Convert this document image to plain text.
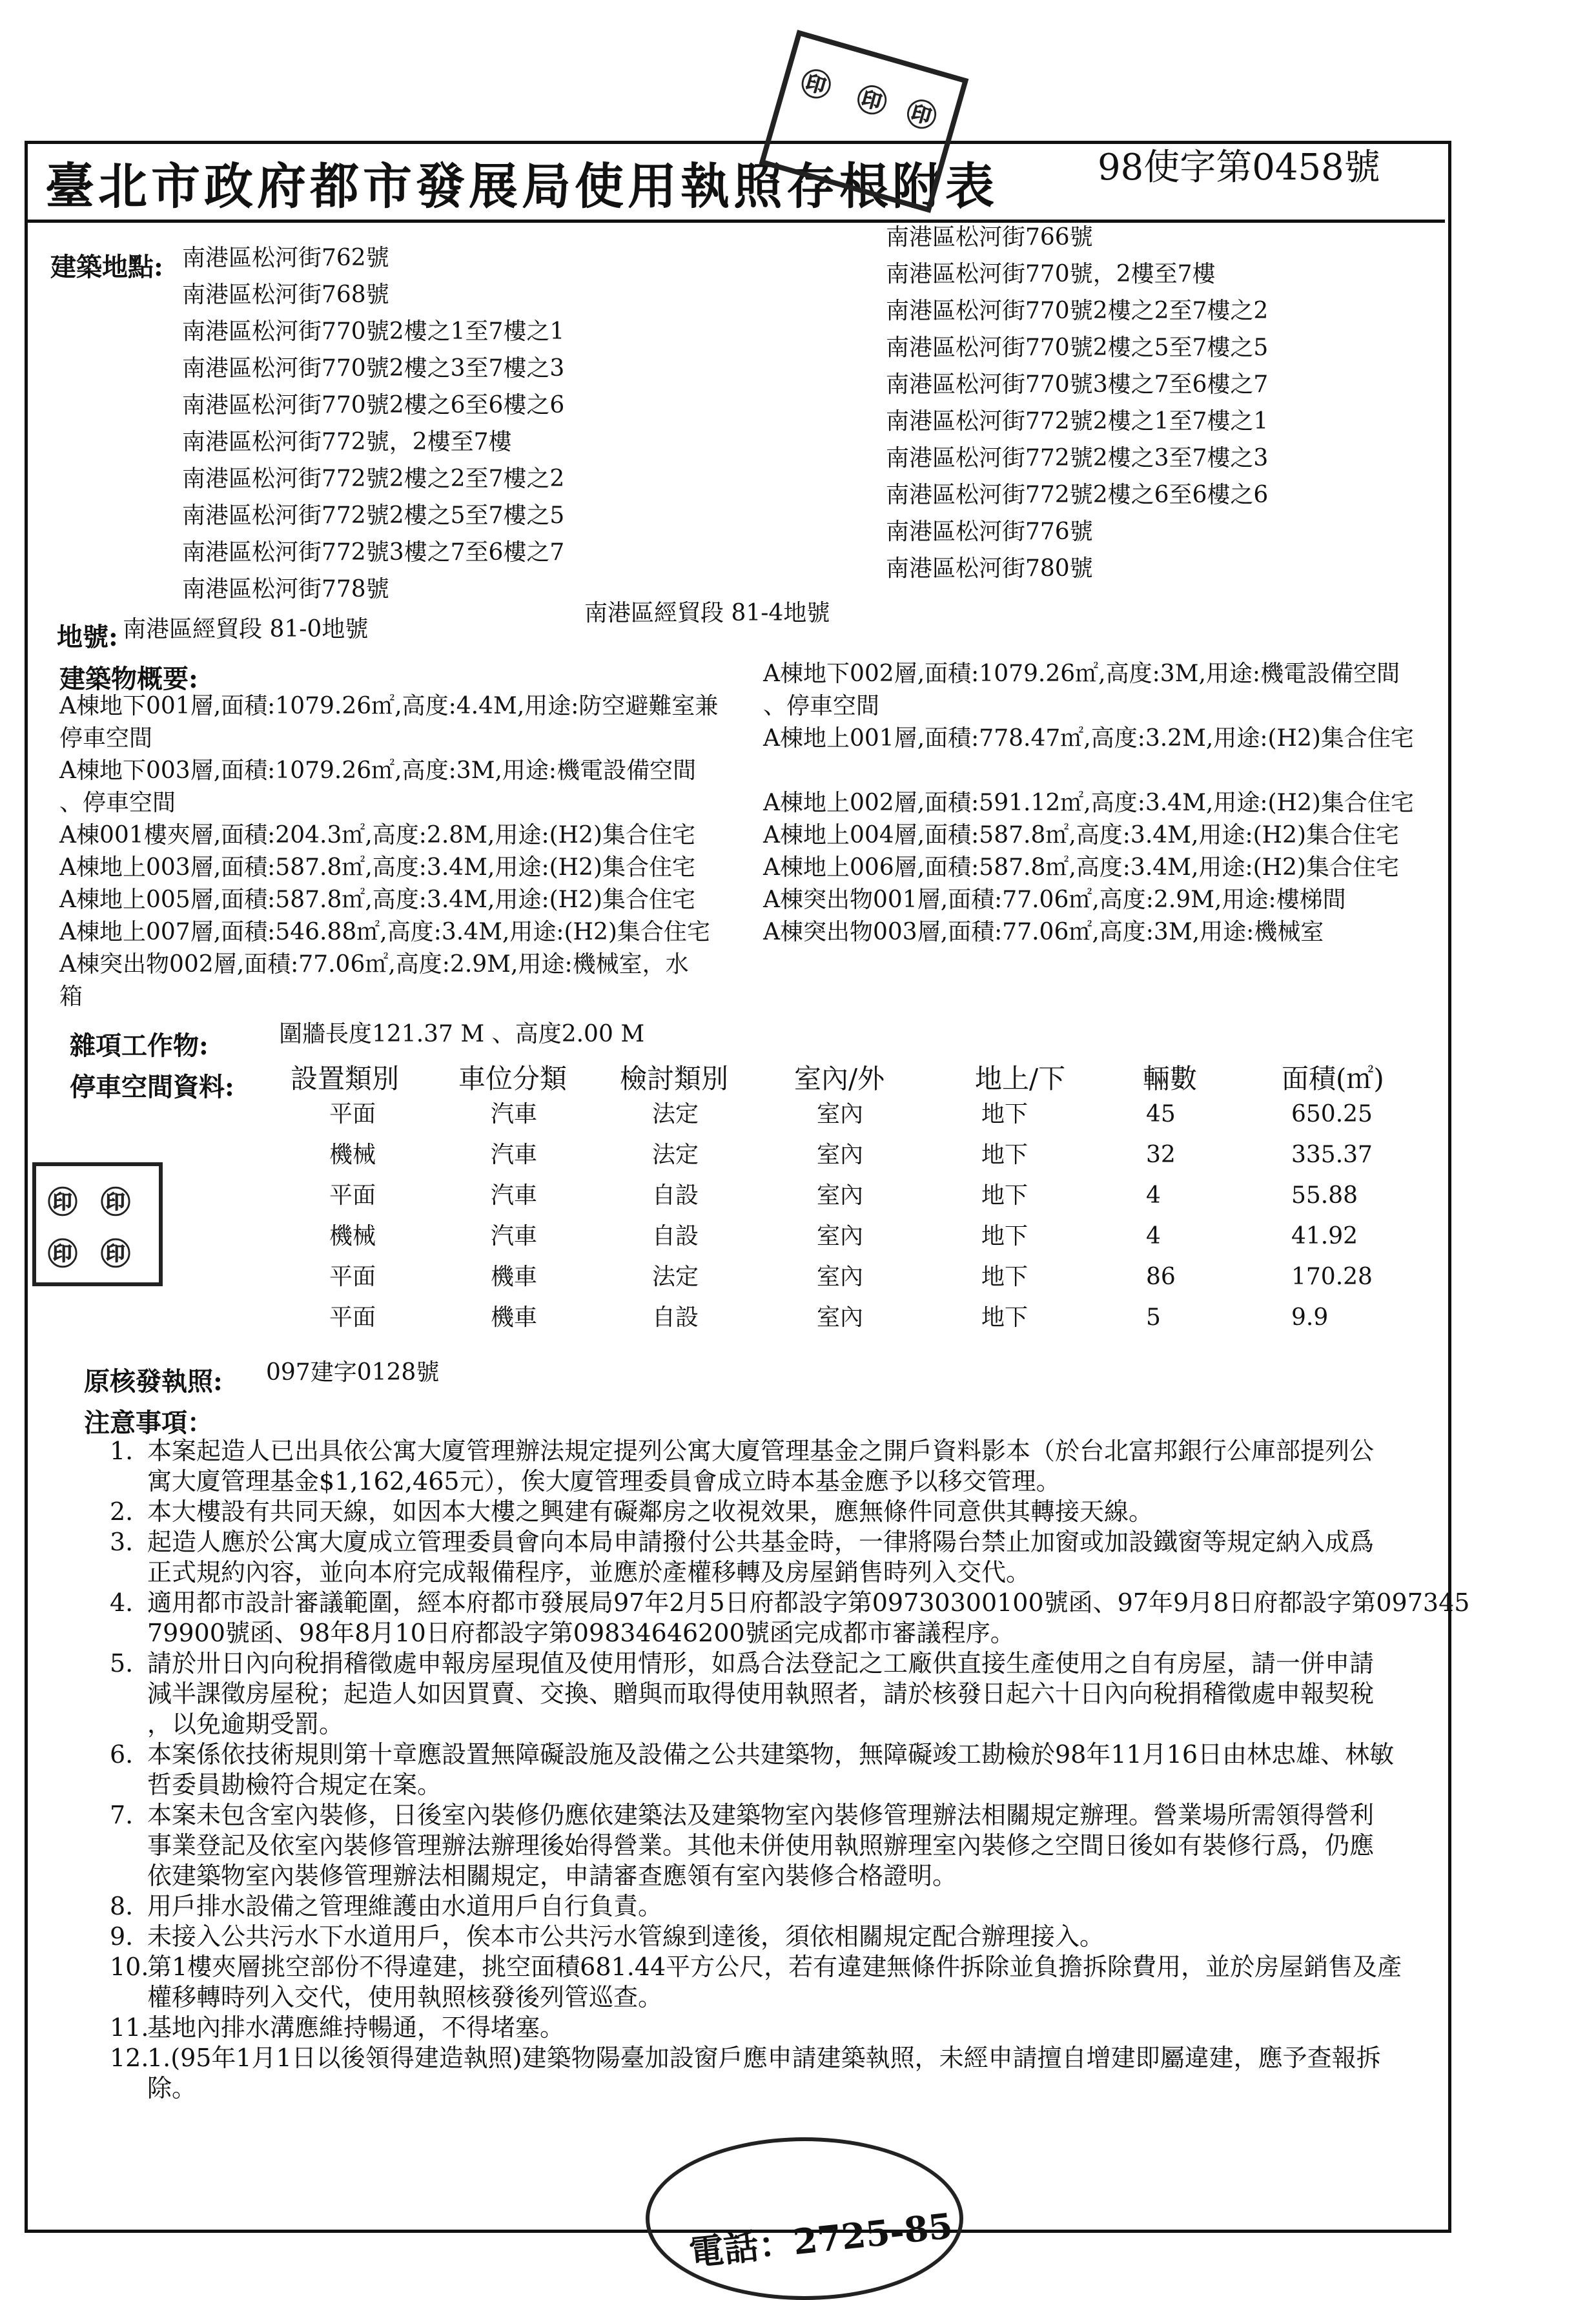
臺北市政府都市發展局使用執照存根附表	98使字第0458號
建築地點: 南港區松河街762號
南港區松河街768號
南港區松河街770號2樓之1至7樓之1
南港區松河街770號2樓之3至7樓之3
南港區松河街770號2樓之6至6樓之6
南港區松河街772號，2樓至7樓
南港區松河街772號2樓之2至7樓之2
南港區松河街772號2樓之5至7樓之5
南港區松河街772號3樓之7至6樓之7
南港區松河街778號
南港區松河街766號
南港區松河街770號，2樓至7樓
南港區松河街770號2樓之2至7樓之2
南港區松河街770號2樓之5至7樓之5
南港區松河街770號3樓之7至6樓之7
南港區松河街772號2樓之1至7樓之1
南港區松河街772號2樓之3至7樓之3
南港區松河街772號2樓之6至6樓之6
南港區松河街776號
南港區松河街780號
地號: 南港區經貿段 81-0地號
南港區經貿段 81-4地號
建築物概要:
A棟地下001層,面積:1079.26㎡,高度:4.4M,用途:防空避難室兼
停車空間
A棟地下003層,面積:1079.26㎡,高度:3M,用途:機電設備空間
、停車空間
A棟001樓夾層,面積:204.3㎡,高度:2.8M,用途:(H2)集合住宅
A棟地上003層,面積:587.8㎡,高度:3.4M,用途:(H2)集合住宅
A棟地上005層,面積:587.8㎡,高度:3.4M,用途:(H2)集合住宅
A棟地上007層,面積:546.88㎡,高度:3.4M,用途:(H2)集合住宅
A棟突出物002層,面積:77.06㎡,高度:2.9M,用途:機械室，水
箱
A棟地下002層,面積:1079.26㎡,高度:3M,用途:機電設備空間
、停車空間
A棟地上001層,面積:778.47㎡,高度:3.2M,用途:(H2)集合住宅
A棟地上002層,面積:591.12㎡,高度:3.4M,用途:(H2)集合住宅
A棟地上004層,面積:587.8㎡,高度:3.4M,用途:(H2)集合住宅
A棟地上006層,面積:587.8㎡,高度:3.4M,用途:(H2)集合住宅
A棟突出物001層,面積:77.06㎡,高度:2.9M,用途:樓梯間
A棟突出物003層,面積:77.06㎡,高度:3M,用途:機械室
雜項工作物:	圍牆長度121.37 M 、高度2.00 M
停車空間資料: 設置類別 車位分類 檢討類別 室內/外	地上/下	輛數	面積(㎡)
平面	汽車	法定	室內	地下	45	650.25
機械	汽車	法定	室內	地下	32	335.37
平面	汽車	自設	室內	地下	4	55.88
機械	汽車	自設	室內	地下	4	41.92
平面	機車	法定	室內	地下	86	170.28
平面	機車	自設	室內	地下	5	9.9
原核發執照: 097建字0128號
注意事項：
1. 本案起造人已出具依公寓大廈管理辦法規定提列公寓大廈管理基金之開戶資料影本（於台北富邦銀行公庫部提列公
寓大廈管理基金$1,162,465元），俟大廈管理委員會成立時本基金應予以移交管理。
2. 本大樓設有共同天線，如因本大樓之興建有礙鄰房之收視效果，應無條件同意供其轉接天線。
3. 起造人應於公寓大廈成立管理委員會向本局申請撥付公共基金時，一律將陽台禁止加窗或加設鐵窗等規定納入成爲
正式規約內容，並向本府完成報備程序，並應於產權移轉及房屋銷售時列入交代。
4. 適用都市設計審議範圍，經本府都市發展局97年2月5日府都設字第09730300100號函、97年9月8日府都設字第097345
79900號函、98年8月10日府都設字第09834646200號函完成都市審議程序。
5. 請於卅日內向稅捐稽徵處申報房屋現值及使用情形，如爲合法登記之工廠供直接生產使用之自有房屋，請一併申請
減半課徵房屋稅；起造人如因買賣、交換、贈與而取得使用執照者，請於核發日起六十日內向稅捐稽徵處申報契稅
，以免逾期受罰。
6. 本案係依技術規則第十章應設置無障礙設施及設備之公共建築物，無障礙竣工勘檢於98年11月16日由林忠雄、林敏
哲委員勘檢符合規定在案。
7. 本案未包含室內裝修，日後室內裝修仍應依建築法及建築物室內裝修管理辦法相關規定辦理。營業場所需領得營利
事業登記及依室內裝修管理辦法辦理後始得營業。其他未併使用執照辦理室內裝修之空間日後如有裝修行爲，仍應
依建築物室內裝修管理辦法相關規定，申請審查應領有室內裝修合格證明。
8. 用戶排水設備之管理維護由水道用戶自行負責。
9. 未接入公共污水下水道用戶，俟本市公共污水管線到達後，須依相關規定配合辦理接入。
10.
第1樓夾層挑空部份不得違建，挑空面積681.44平方公尺，若有違建無條件拆除並負擔拆除費用，並於房屋銷售及產
權移轉時列入交代，使用執照核發後列管巡查。
11.
基地內排水溝應維持暢通，不得堵塞。
12.
1.(95年1月1日以後領得建造執照)建築物陽臺加設窗戶應申請建築執照，未經申請擅自增建即屬違建，應予查報拆
除。
㊞ ㊞ ㊞
㊞ ㊞
㊞ ㊞
電話：2725-85
